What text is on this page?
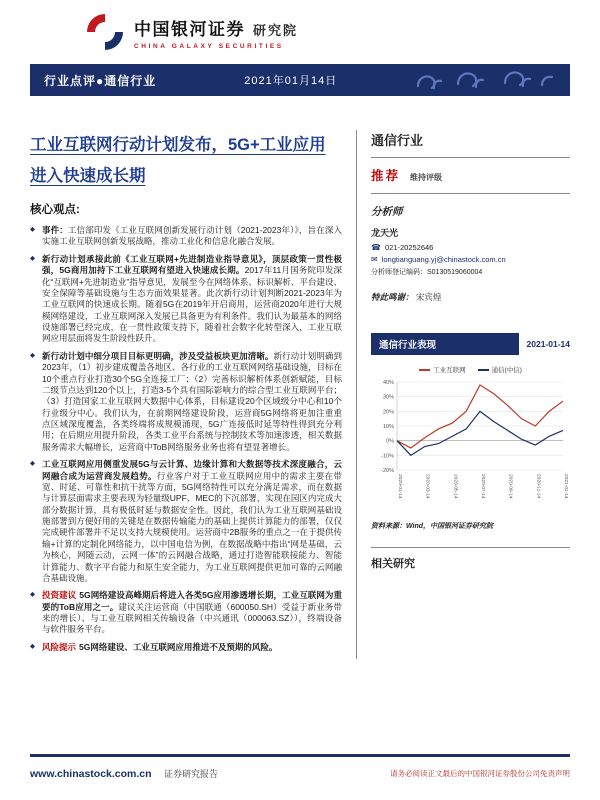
中国银河证券 研究院
CHINA GALAXY SECURITIES
行业点评●通信行业	2021年01月14日
工业互联网行动计划发布，5G+工业应用进入快速成长期
核心观点:

◆ 事件：工信部印发《工业互联网创新发展行动计划（2021-2023年）》，旨在深入实施工业互联网创新发展战略，推动工业化和信息化融合发展。

◆ 新行动计划承接此前《工业互联网+先进制造业指导意见》，顶层政策一贯性极强，5G商用加持下工业互联网有望进入快速成长期。2017年11月国务院印发深化“互联网+先进制造业”指导意见，发展至今在网络体系、标识解析、平台建设、安全保障等基础设施与生态方面效果显著。此次新行动计划判断2021-2023年为工业互联网的快速成长期。随着5G在2019年开启商用，运营商2020年进行大规模网络建设，工业互联网深入发展已具备更为有利条件。我们认为最基本的网络设施部署已经完成，在一贯性政策支持下，随着社会数字化转型深入，工业互联网应用层面将发生阶段性跃升。

◆ 新行动计划中细分项目目标更明确，涉及受益板块更加清晰。新行动计划明确到2023年，（1）初步建成覆盖各地区、各行业的工业互联网网络基础设施，目标在10个重点行业打造30个5G全连接工厂；（2）完善标识解析体系创新赋能，目标二级节点达到120个以上，打造3-5个具有国际影响力的综合型工业互联网平台；（3）打造国家工业互联网大数据中心体系，目标建设20个区域级分中心和10个行业级分中心。我们认为，在前期网络建设阶段，运营商5G网络将更加注重重点区域深度覆盖，各类终端将成规模涌现，5G广连接低时延等特性得到充分利用；在后期应用提升阶段，各类工业平台系统与控制技术等加速渗透，相关数据服务需求大幅增长，运营商中ToB网络服务业务也将有望显著增长。

◆ 工业互联网应用侧重发展5G与云计算、边缘计算和大数据等技术深度融合，云网融合成为运营商发展趋势。行业客户对于工业互联网应用中的需求主要在带宽、时延、可靠性和抗干扰等方面，5G网络特性可以充分满足需求，而在数据与计算层面需求主要表现为轻量级UPF、MEC的下沉部署，实现在园区内完成大部分数据计算，具有极低时延与数据安全性。因此，我们认为工业互联网基础设施部署到方便好用的关键是在数据传输能力的基础上提供计算能力的部署，仅仅完成硬件部署并不足以支持大规模使用。运营商中2B服务的重点之一在于提供传输+计算的定制化网络能力，以中国电信为例，在数据战略中指出“网是基础，云为核心，网随云动，云网一体”的云网融合战略，通过打造智能联接能力、智能计算能力、数字平台能力和原生安全能力，为工业互联网提供更加可靠的云网融合基础设施。

◆ 投资建议 5G网络建设高峰期后将进入各类5G应用渗透增长期，工业互联网为重要的ToB应用之一。建议关注运营商（中国联通（600050.SH）受益于新业务带来的增长）、与工业互联网相关传输设备（中兴通讯（000063.SZ）），终端设备与软件服务平台。

◆ 风险提示 5G网络建设、工业互联网应用推进不及预期的风险。

通信行业
推荐 维持评级
分析师
龙天光
☎ 021-20252646
✉ longtianguang.yj@chinastock.com.cn
分析师登记编码：S0130519060004
特此鸣谢： 宋宾煌
通信行业表现	2021-01-14
工业互联网	通信(中信)
40%
30%
20%
10%
0%
-10%
-20%
2020-01-14	2020-03-14	2020-05-14	2020-07-14	2020-09-14	2020-11-14	2021-01-14
资料来源：Wind，中国银河证券研究院
相关研究
www.chinastock.com.cn 证券研究报告	请务必阅读正文最后的中国银河证券股份公司免责声明
